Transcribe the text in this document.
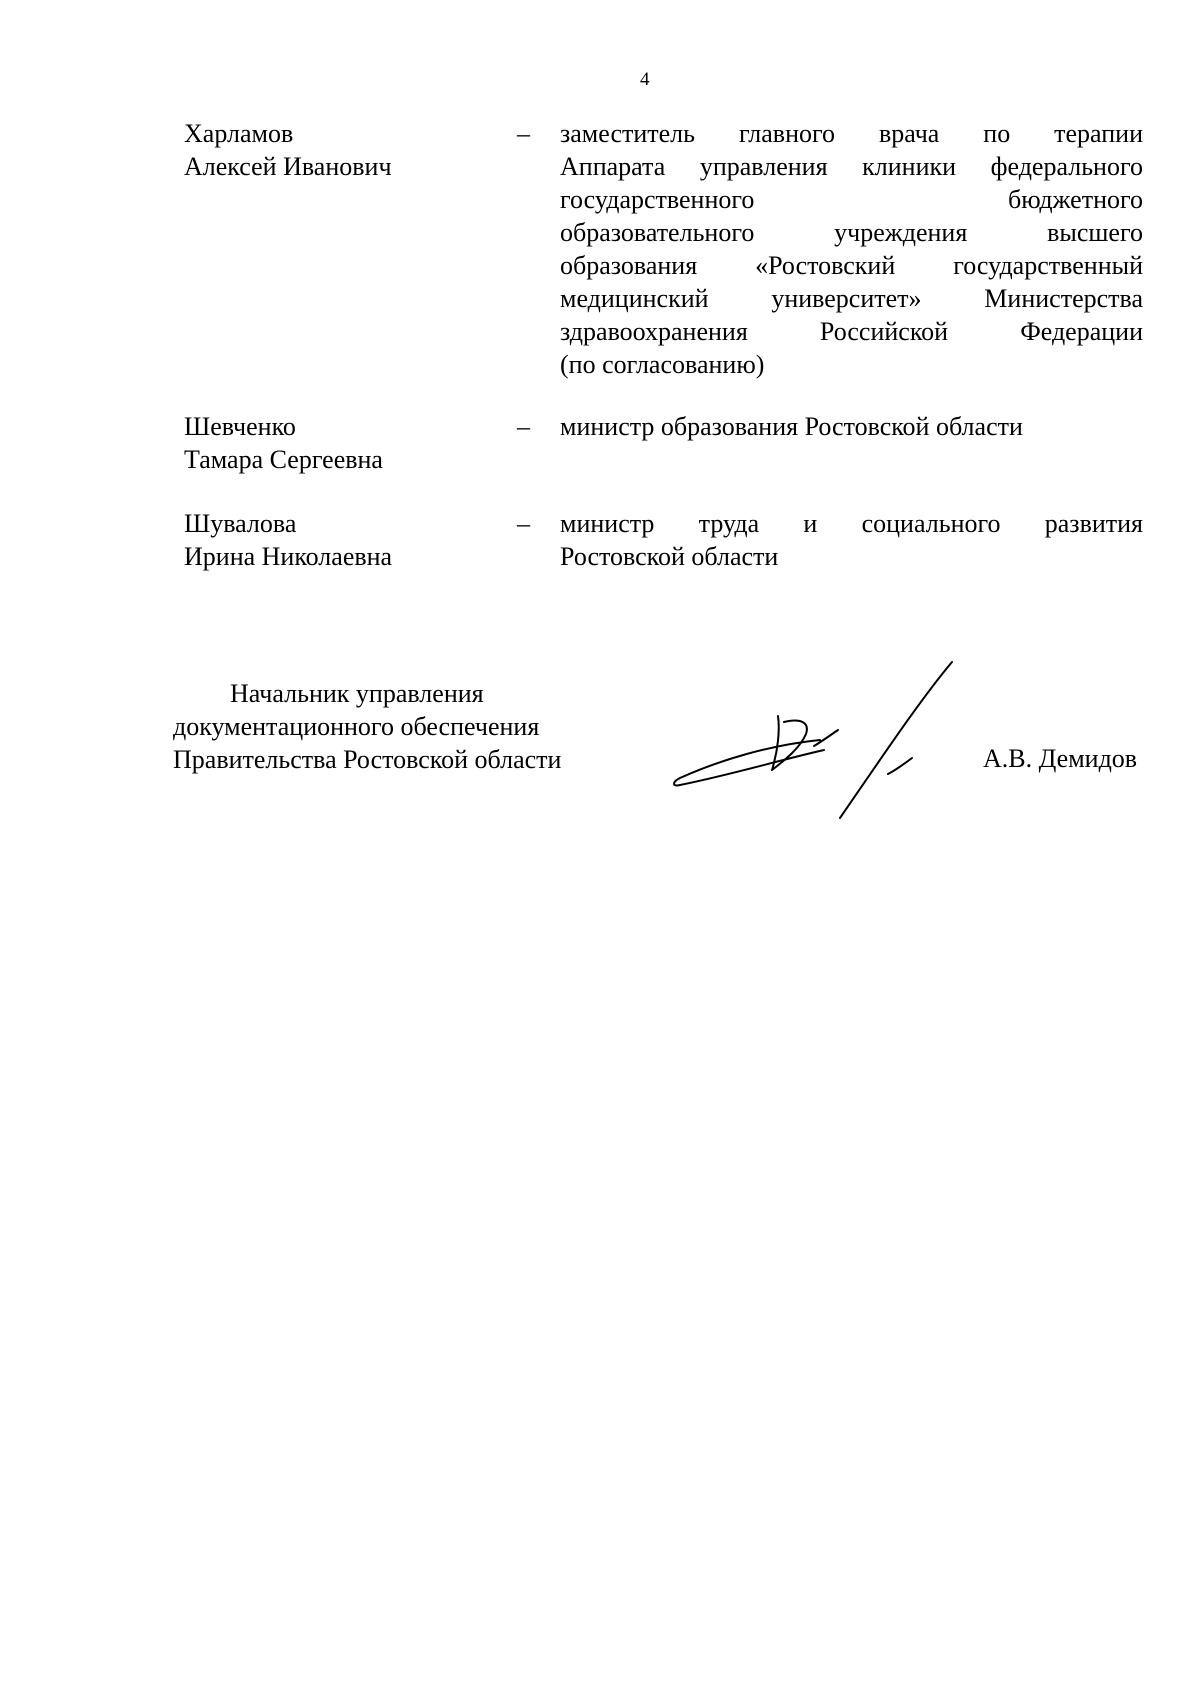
4
Харламов
Алексей Иванович
– заместитель главного врача по терапии
Аппарата управления клиники федерального
государственного бюджетного
образовательного учреждения высшего
образования «Ростовский государственный
медицинский университет» Министерства
здравоохранения Российской Федерации
(по согласованию)
Шевченко
Тамара Сергеевна
– министр образования Ростовской области
Шувалова
Ирина Николаевна
– министр труда и социального развития
Ростовской области
Начальник управления
документационного обеспечения
Правительства Ростовской области	А.В. Демидов
